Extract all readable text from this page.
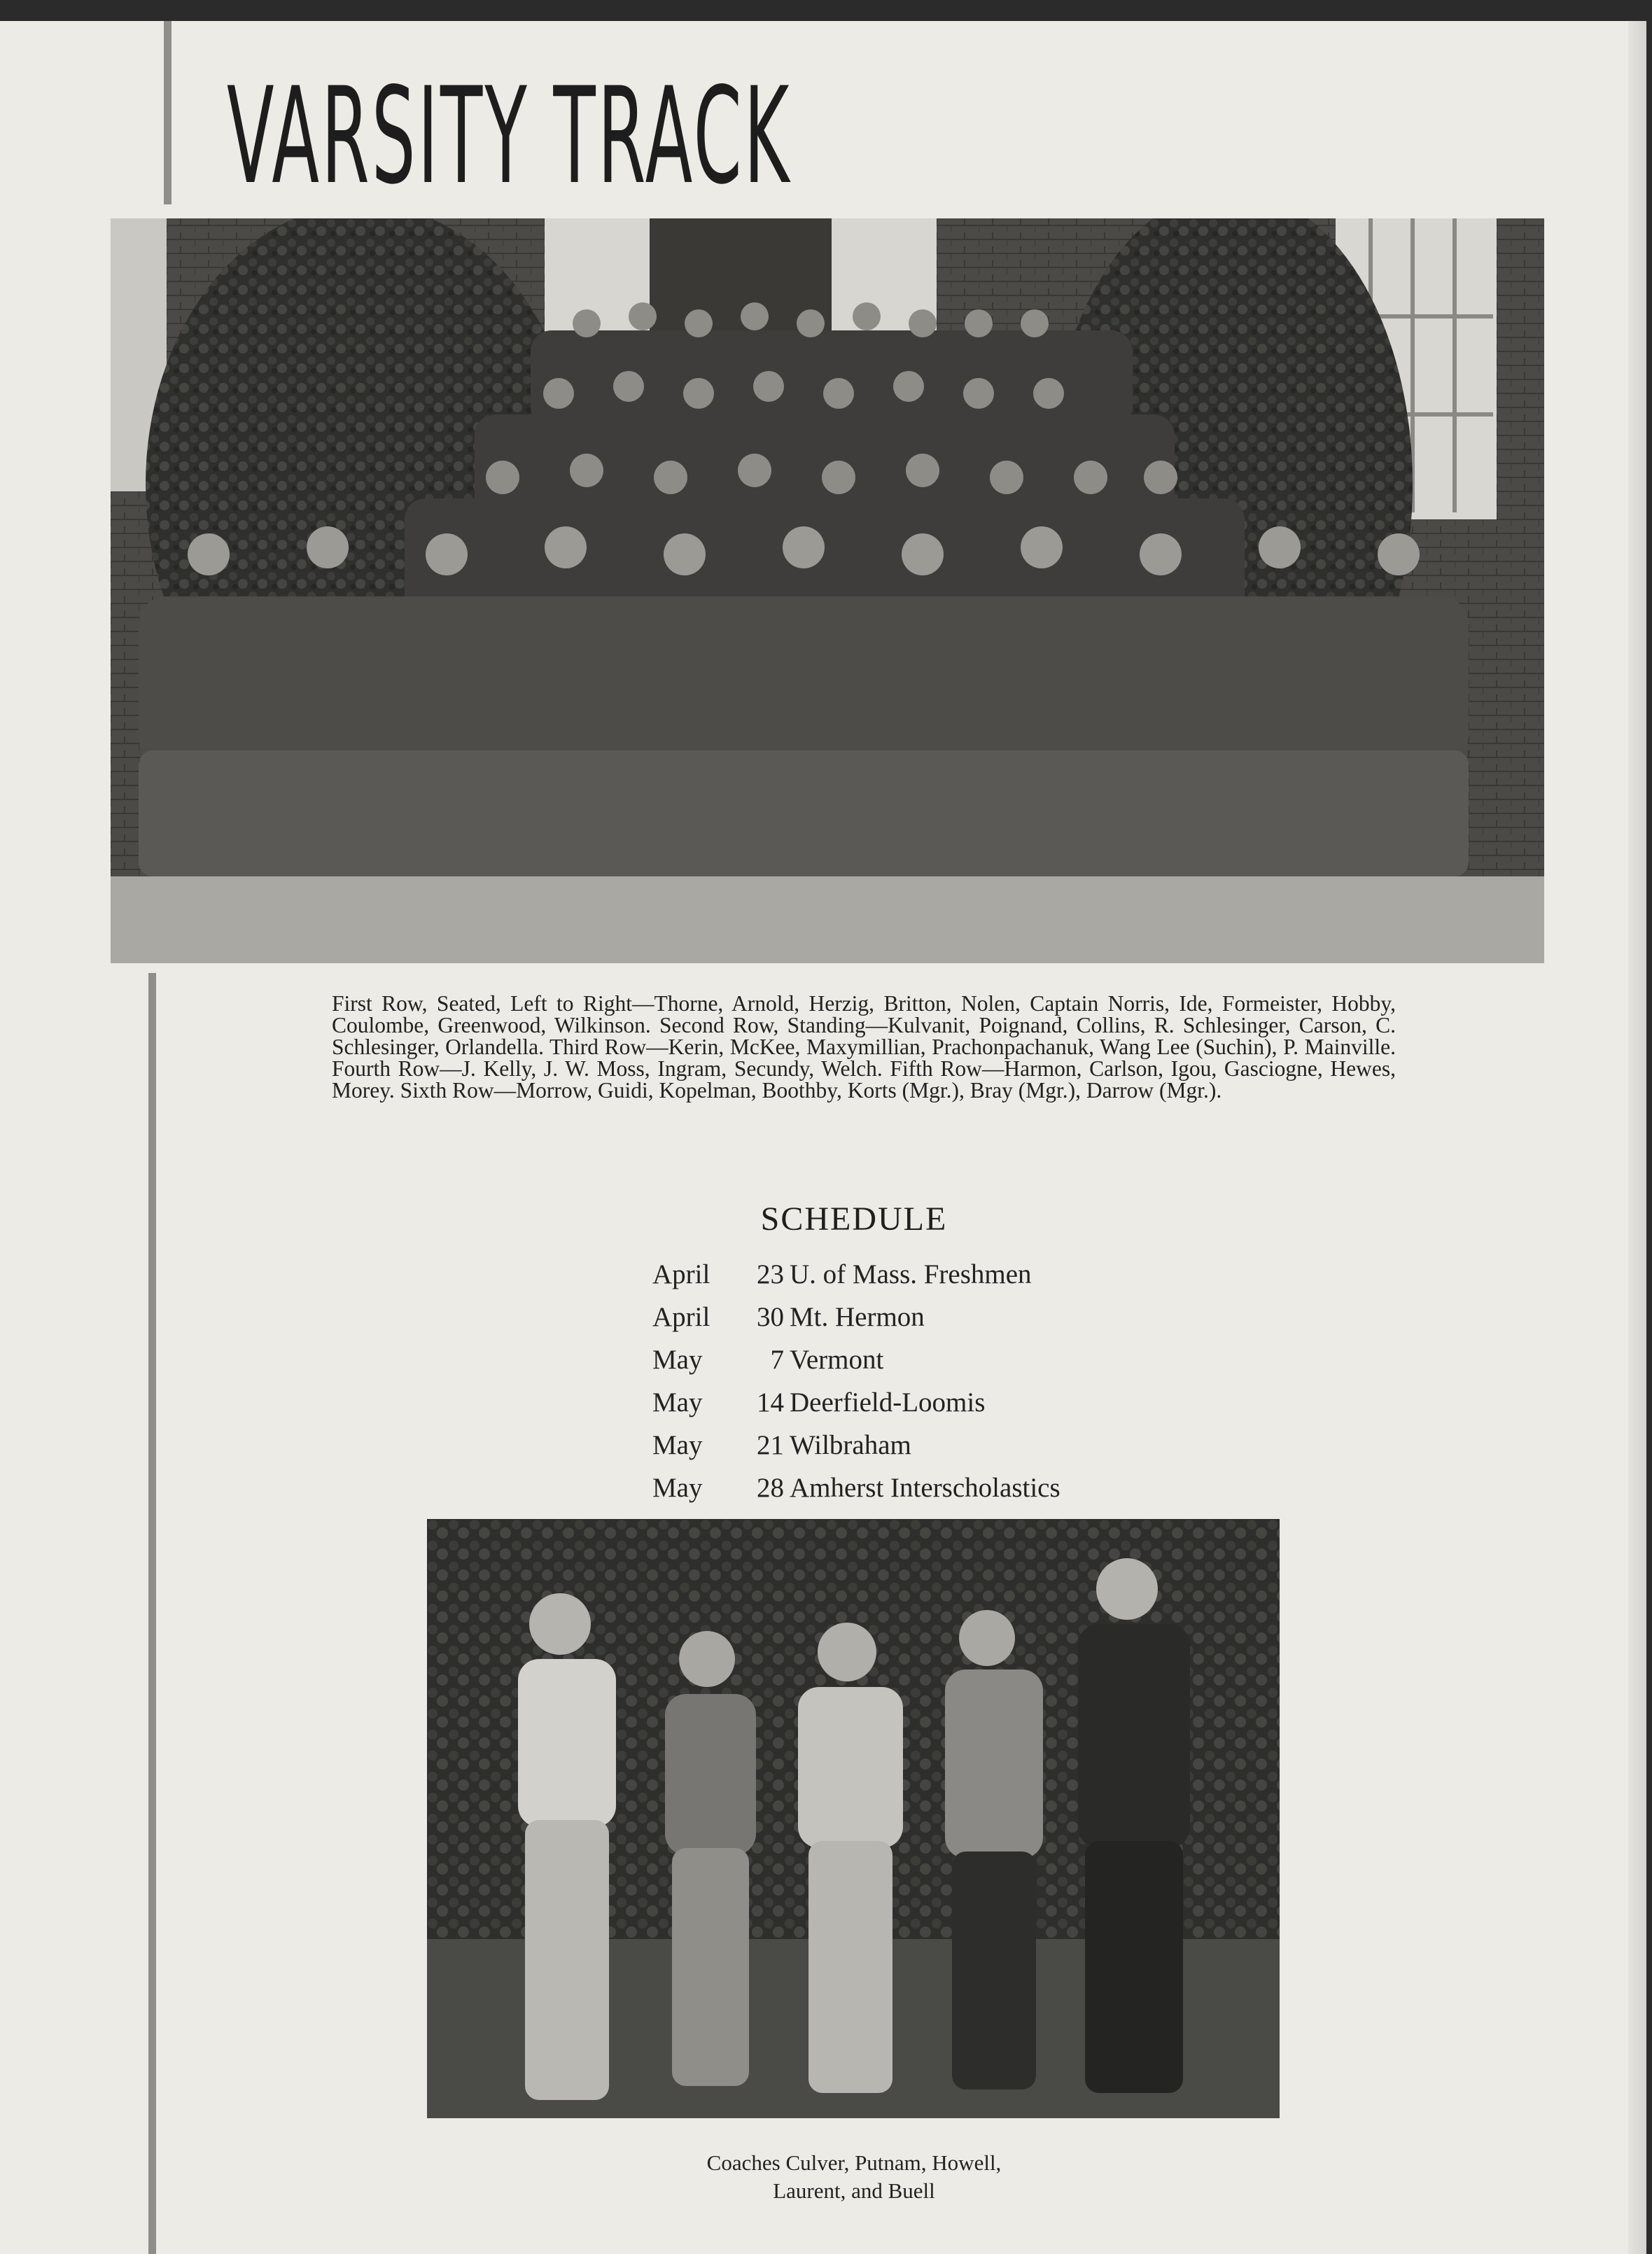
VARSITY TRACK
First Row, Seated, Left to Right—Thorne, Arnold, Herzig, Britton, Nolen, Captain Norris, Ide, Formeister, Hobby, Coulombe, Greenwood, Wilkinson. Second Row, Standing—Kulvanit, Poignand, Collins, R. Schlesinger, Carson, C. Schlesinger, Orlandella. Third Row—Kerin, McKee, Maxymillian, Prachonpachanuk, Wang Lee (Suchin), P. Mainville. Fourth Row—J. Kelly, J. W. Moss, Ingram, Secundy, Welch. Fifth Row—Harmon, Carlson, Igou, Gasciogne, Hewes, Morey. Sixth Row—Morrow, Guidi, Kopelman, Boothby, Korts (Mgr.), Bray (Mgr.), Darrow (Mgr.).
SCHEDULE
April	23 U. of Mass. Freshmen
April	30 Mt. Hermon
May	7 Vermont
May	14 Deerfield-Loomis
May	21 Wilbraham
May	28 Amherst Interscholastics
Coaches Culver, Putnam, Howell,
Laurent, and Buell
